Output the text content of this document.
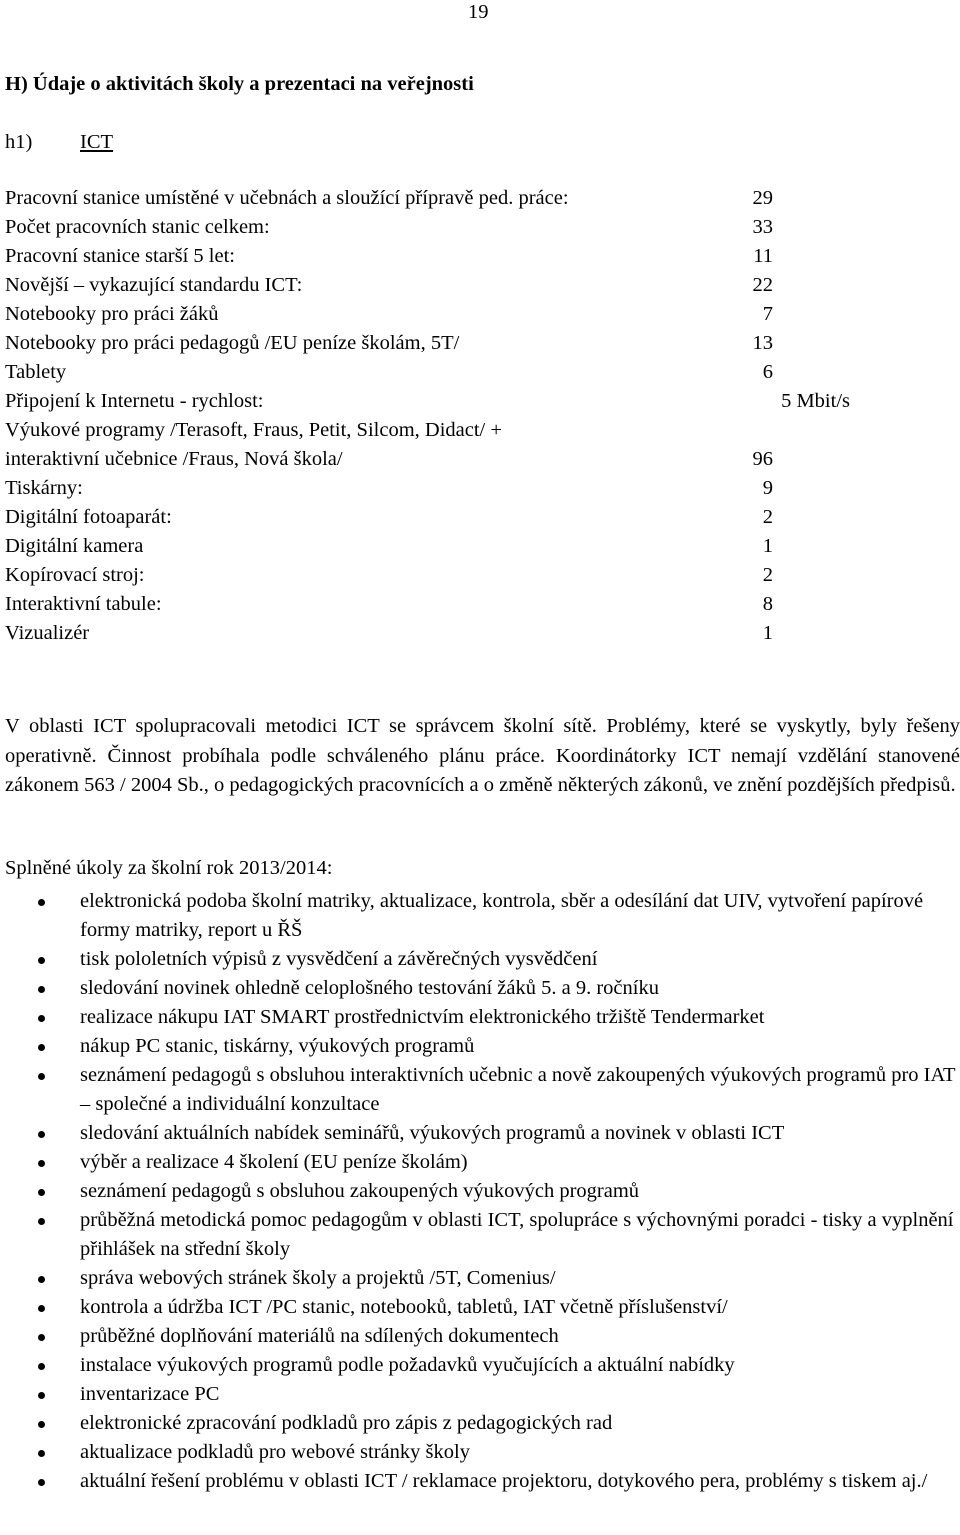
19
H) Údaje o aktivitách školy a prezentaci na veřejnosti
h1) ICT
Pracovní stanice umístěné v učebnách a sloužící přípravě ped. práce:	29
Počet pracovních stanic celkem:	33
Pracovní stanice starší 5 let:	11
Novější – vykazující standardu ICT:	22
Notebooky pro práci žáků	7
Notebooky pro práci pedagogů /EU peníze školám, 5T/	13
Tablety	6
Připojení k Internetu - rychlost:	5 Mbit/s
Výukové programy /Terasoft, Fraus, Petit, Silcom, Didact/ +
interaktivní učebnice /Fraus, Nová škola/	96
Tiskárny:	9
Digitální fotoaparát:	2
Digitální kamera	1
Kopírovací stroj:	2
Interaktivní tabule:	8
Vizualizér	1
V oblasti ICT spolupracovali metodici ICT se správcem školní sítě. Problémy, které se vyskytly, byly řešeny operativně. Činnost probíhala podle schváleného plánu práce. Koordinátorky ICT nemají vzdělání stanovené zákonem 563 / 2004 Sb., o pedagogických pracovnících a o změně některých zákonů, ve znění pozdějších předpisů.
Splněné úkoly za školní rok 2013/2014:
elektronická podoba školní matriky, aktualizace, kontrola, sběr a odesílání dat UIV, vytvoření papírové formy matriky, report u ŘŠ
tisk pololetních výpisů z vysvědčení a závěrečných vysvědčení
sledování novinek ohledně celoplošného testování žáků 5. a 9. ročníku
realizace nákupu IAT SMART prostřednictvím elektronického tržiště Tendermarket
nákup PC stanic, tiskárny, výukových programů
seznámení pedagogů s obsluhou interaktivních učebnic a nově zakoupených výukových programů pro IAT – společné a individuální konzultace
sledování aktuálních nabídek seminářů, výukových programů a novinek v oblasti ICT
výběr a realizace 4 školení (EU peníze školám)
seznámení pedagogů s obsluhou zakoupených výukových programů
průběžná metodická pomoc pedagogům v oblasti ICT, spolupráce s výchovnými poradci - tisky a vyplnění přihlášek na střední školy
správa webových stránek školy a projektů /5T, Comenius/
kontrola a údržba ICT /PC stanic, notebooků, tabletů, IAT včetně příslušenství/
průběžné doplňování materiálů na sdílených dokumentech
instalace výukových programů podle požadavků vyučujících a aktuální nabídky
inventarizace PC
elektronické zpracování podkladů pro zápis z pedagogických rad
aktualizace podkladů pro webové stránky školy
aktuální řešení problému v oblasti ICT / reklamace projektoru, dotykového pera, problémy s tiskem aj./
